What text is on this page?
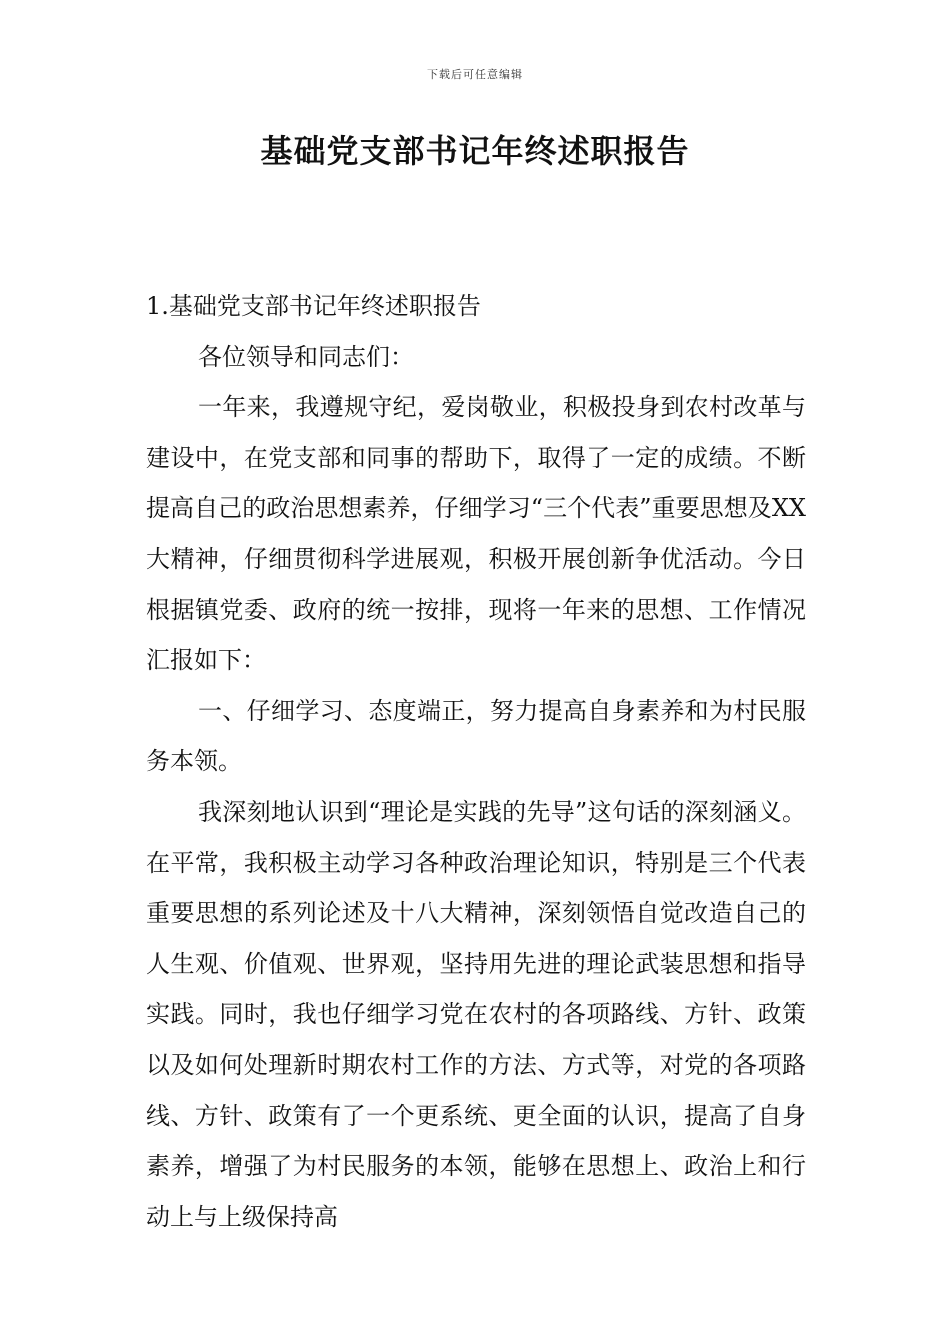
下载后可任意编辑
基础党支部书记年终述职报告

1.基础党支部书记年终述职报告

各位领导和同志们：

一年来，我遵规守纪，爱岗敬业，积极投身到农村改革与建设中，在党支部和同事的帮助下，取得了一定的成绩。不断提高自己的政治思想素养，仔细学习“三个代表”重要思想及XX大精神，仔细贯彻科学进展观，积极开展创新争优活动。今日根据镇党委、政府的统一按排，现将一年来的思想、工作情况汇报如下：

一、仔细学习、态度端正，努力提高自身素养和为村民服务本领。

我深刻地认识到“理论是实践的先导”这句话的深刻涵义。在平常，我积极主动学习各种政治理论知识，特别是三个代表重要思想的系列论述及十八大精神，深刻领悟自觉改造自己的人生观、价值观、世界观，坚持用先进的理论武装思想和指导实践。同时，我也仔细学习党在农村的各项路线、方针、政策以及如何处理新时期农村工作的方法、方式等，对党的各项路线、方针、政策有了一个更系统、更全面的认识，提高了自身素养，增强了为村民服务的本领，能够在思想上、政治上和行动上与上级保持高
